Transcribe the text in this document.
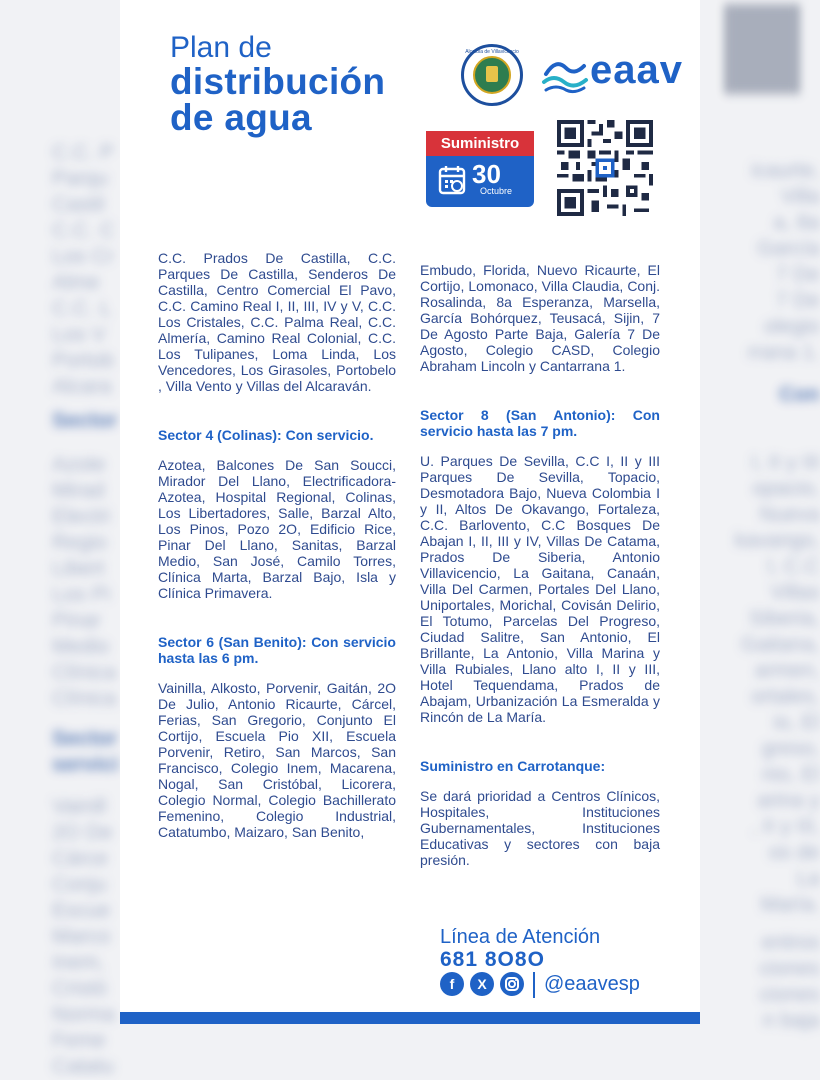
C.C. P
Parqu
Castil
C.C. C
Los Cr
Alme
C.C. L
Los V
Portob
Alcara
Sector
Azote
Mirad
Electri
Regio
Libert
Los Pi
Pinar
Medio
Clínica
Clínica
Sector
servici
Vainill
2O De
Cárce
Conju
Escue
Marco
Inem,
Cristó
Norma
Feme
Catatu
icaurte,
Villa
a, 8a
García
7 De
7 De
olegio
rrana 1.
Con
I, II y III
opacio,
Nueva
kavango,
l, C.C
Villas
Siberia,
Gaitana,
armen,
ortales,
io, El
greso,
nio, El
arina y
, II y III,
os de
La
María.
entros
ciones
ciones
n baja
Plan de
distribución
de agua
Alcaldía de Villavicencio eaav
Suministro
30
Octubre

C.C. Prados De Castilla, C.C. Parques De Castilla, Senderos De Castilla, Centro Comercial El Pavo, C.C. Camino Real I, II, III, IV y V, C.C. Los Cristales, C.C. Palma Real, C.C. Almería, Camino Real Colonial, C.C. Los Tulipanes, Loma Linda, Los Vencedores, Los Girasoles, Portobelo , Villa Vento y Villas del Alcaraván.

Sector 4 (Colinas): Con servicio.

Azotea, Balcones De San Soucci, Mirador Del Llano, Electrificadora-Azotea, Hospital Regional, Colinas, Los Libertadores, Salle, Barzal Alto, Los Pinos, Pozo 2O, Edificio Rice, Pinar Del Llano, Sanitas, Barzal Medio, San José, Camilo Torres, Clínica Marta, Barzal Bajo, Isla y Clínica Primavera.

Sector 6 (San Benito): Con servicio hasta las 6 pm.

Vainilla, Alkosto, Porvenir, Gaitán, 2O De Julio, Antonio Ricaurte, Cárcel, Ferias, San Gregorio, Conjunto El Cortijo, Escuela Pio XII, Escuela Porvenir, Retiro, San Marcos, San Francisco, Colegio Inem, Macarena, Nogal, San Cristóbal, Licorera, Colegio Normal, Colegio Bachillerato Femenino, Colegio Industrial, Catatumbo, Maizaro, San Benito,

Embudo, Florida, Nuevo Ricaurte, El Cortijo, Lomonaco, Villa Claudia, Conj. Rosalinda, 8a Esperanza, Marsella, García Bohórquez, Teusacá, Sijin, 7 De Agosto Parte Baja, Galería 7 De Agosto, Colegio CASD, Colegio Abraham Lincoln y Cantarrana 1.

Sector 8 (San Antonio): Con servicio hasta las 7 pm.

U. Parques De Sevilla, C.C I, II y III Parques De Sevilla, Topacio, Desmotadora Bajo, Nueva Colombia I y II, Altos De Okavango, Fortaleza, C.C. Barlovento, C.C Bosques De Abajan I, II, III y IV, Villas De Catama, Prados De Siberia, Antonio Villavicencio, La Gaitana, Canaán, Villa Del Carmen, Portales Del Llano, Uniportales, Morichal, Covisán Delirio, El Totumo, Parcelas Del Progreso, Ciudad Salitre, San Antonio, El Brillante, La Antonio, Villa Marina y Villa Rubiales, Llano alto I, II y III, Hotel Tequendama, Prados de Abajam, Urbanización La Esmeralda y Rincón de La María.

Suministro en Carrotanque:

Se dará prioridad a Centros Clínicos, Hospitales, Instituciones Gubernamentales, Instituciones Educativas y sectores con baja presión.

Línea de Atención
681 8O8O
f	X	@eaavesp
